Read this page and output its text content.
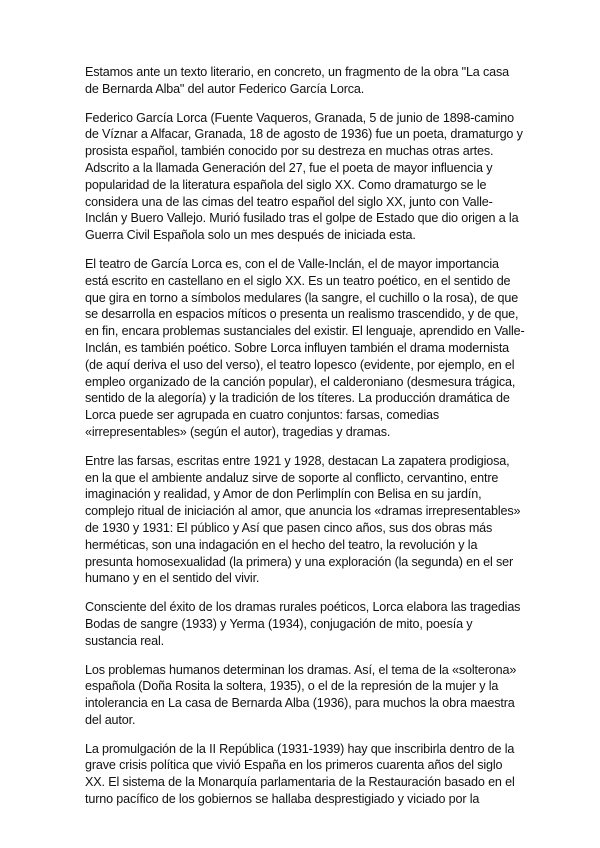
Estamos ante un texto literario, en concreto, un fragmento de la obra "La casa de Bernarda Alba" del autor Federico García Lorca.

Federico García Lorca (Fuente Vaqueros, Granada, 5 de junio de 1898-camino de Víznar a Alfacar, Granada, 18 de agosto de 1936) fue un poeta, dramaturgo y prosista español, también conocido por su destreza en muchas otras artes. Adscrito a la llamada Generación del 27, fue el poeta de mayor influencia y popularidad de la literatura española del siglo XX. Como dramaturgo se le considera una de las cimas del teatro español del siglo XX, junto con Valle-Inclán y Buero Vallejo. Murió fusilado tras el golpe de Estado que dio origen a la Guerra Civil Española solo un mes después de iniciada esta.

El teatro de García Lorca es, con el de Valle-Inclán, el de mayor importancia está escrito en castellano en el siglo XX. Es un teatro poético, en el sentido de que gira en torno a símbolos medulares (la sangre, el cuchillo o la rosa), de que se desarrolla en espacios míticos o presenta un realismo trascendido, y de que, en fin, encara problemas sustanciales del existir. El lenguaje, aprendido en Valle-Inclán, es también poético. Sobre Lorca influyen también el drama modernista (de aquí deriva el uso del verso), el teatro lopesco (evidente, por ejemplo, en el empleo organizado de la canción popular), el calderoniano (desmesura trágica, sentido de la alegoría) y la tradición de los títeres. La producción dramática de Lorca puede ser agrupada en cuatro conjuntos: farsas, comedias «irrepresentables» (según el autor), tragedias y dramas.

Entre las farsas, escritas entre 1921 y 1928, destacan La zapatera prodigiosa, en la que el ambiente andaluz sirve de soporte al conflicto, cervantino, entre imaginación y realidad, y Amor de don Perlimplín con Belisa en su jardín, complejo ritual de iniciación al amor, que anuncia los «dramas irrepresentables» de 1930 y 1931: El público y Así que pasen cinco años, sus dos obras más herméticas, son una indagación en el hecho del teatro, la revolución y la presunta homosexualidad (la primera) y una exploración (la segunda) en el ser humano y en el sentido del vivir.

Consciente del éxito de los dramas rurales poéticos, Lorca elabora las tragedias Bodas de sangre (1933) y Yerma (1934), conjugación de mito, poesía y sustancia real.

Los problemas humanos determinan los dramas. Así, el tema de la «solterona» española (Doña Rosita la soltera, 1935), o el de la represión de la mujer y la intolerancia en La casa de Bernarda Alba (1936), para muchos la obra maestra del autor.

La promulgación de la II República (1931-1939) hay que inscribirla dentro de la grave crisis política que vivió España en los primeros cuarenta años del siglo XX. El sistema de la Monarquía parlamentaria de la Restauración basado en el turno pacífico de los gobiernos se hallaba desprestigiado y viciado por la
